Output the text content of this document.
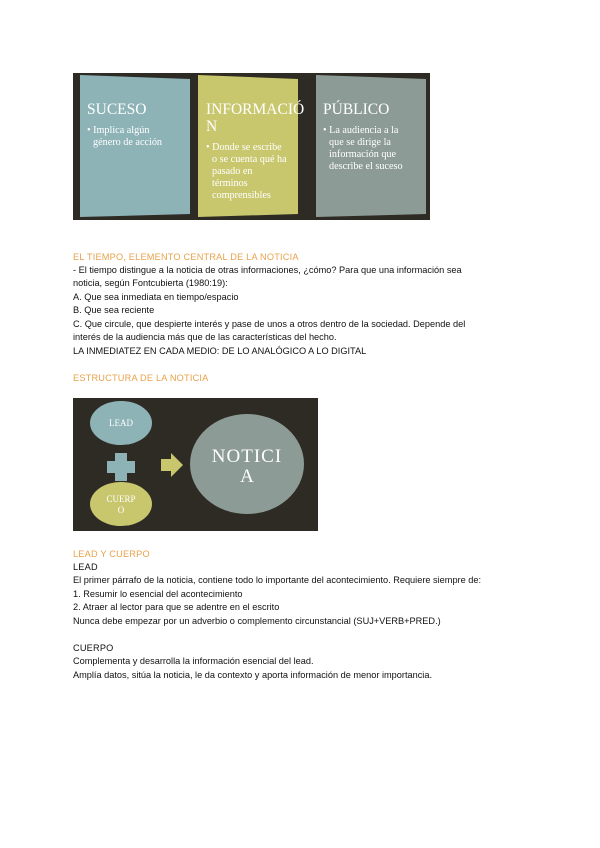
SUCESO
• Implica algún
género de acción
INFORMACIÓ
N
• Donde se escribe
o se cuenta qué ha
pasado en
términos
comprensibles
PÚBLICO
• La audiencia a la
que se dirige la
información que
describe el suceso
EL TIEMPO, ELEMENTO CENTRAL DE LA NOTICIA
- El tiempo distingue a la noticia de otras informaciones, ¿cómo? Para que una información sea
noticia, según Fontcubierta (1980:19):
A. Que sea inmediata en tiempo/espacio
B. Que sea reciente
C. Que circule, que despierte interés y pase de unos a otros dentro de la sociedad. Depende del
interés de la audiencia más que de las características del hecho.
LA INMEDIATEZ EN CADA MEDIO: DE LO ANALÓGICO A LO DIGITAL
ESTRUCTURA DE LA NOTICIA
LEAD
CUERP
O
NOTICI
A
LEAD Y CUERPO
LEAD
El primer párrafo de la noticia, contiene todo lo importante del acontecimiento. Requiere siempre de:
1. Resumir lo esencial del acontecimiento
2. Atraer al lector para que se adentre en el escrito
Nunca debe empezar por un adverbio o complemento circunstancial (SUJ+VERB+PRED.)
CUERPO
Complementa y desarrolla la información esencial del lead.
Amplía datos, sitúa la noticia, le da contexto y aporta información de menor importancia.
